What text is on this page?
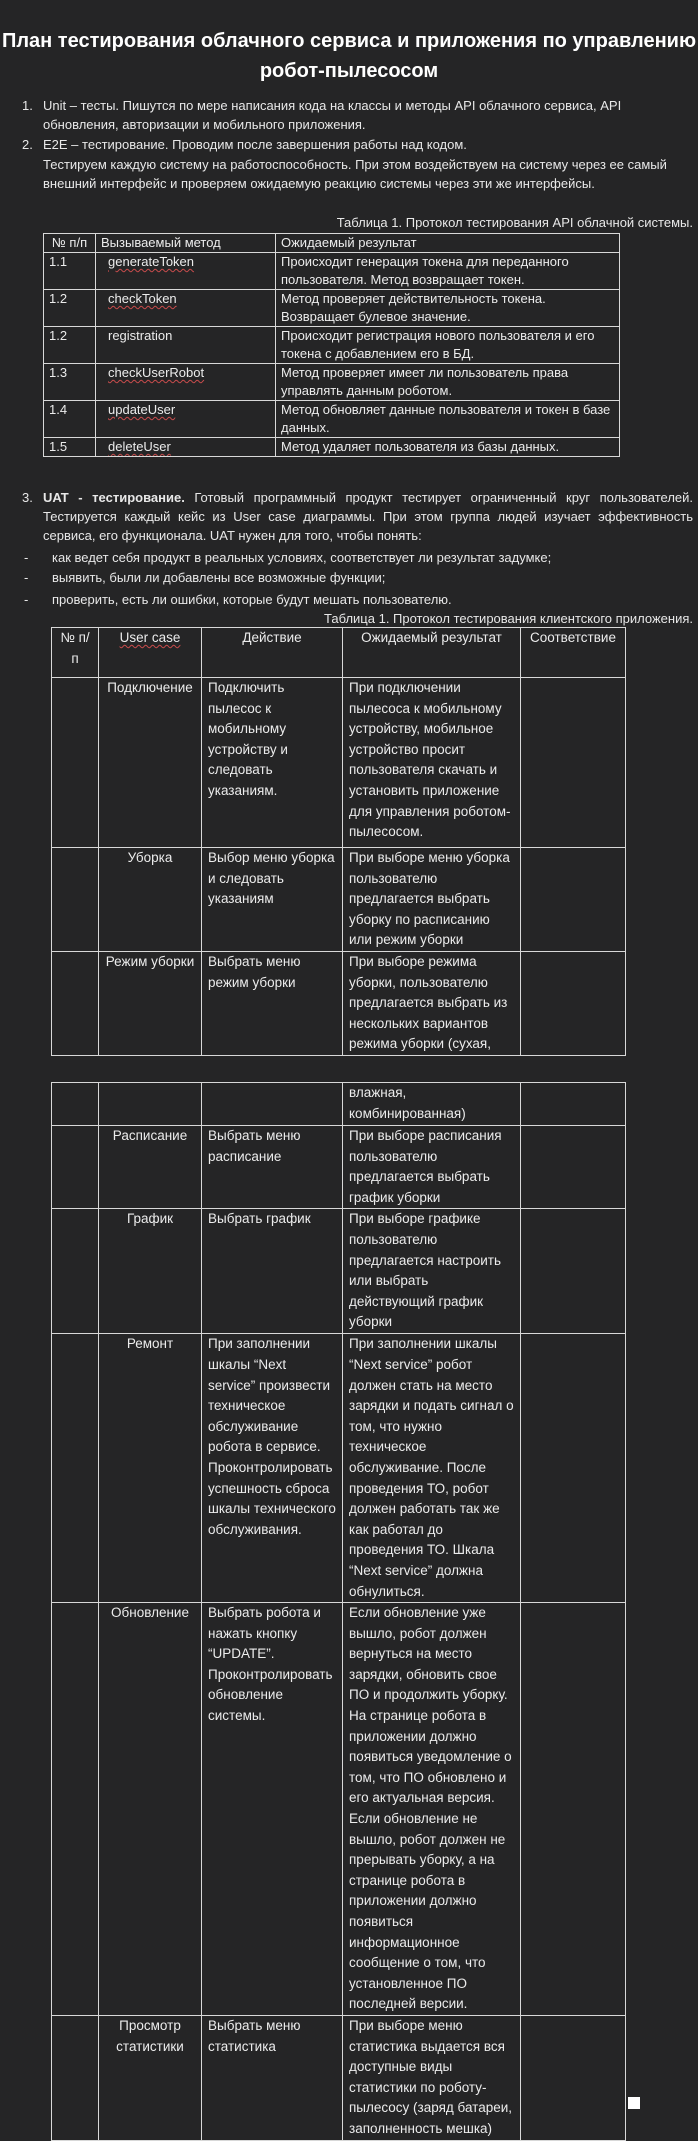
План тестирования облачного сервиса и приложения по управлению робот-пылесосом
1. Unit – тесты. Пишутся по мере написания кода на классы и методы API облачного сервиса, API обновления, авторизации и мобильного приложения.
2. E2E – тестирование. Проводим после завершения работы над кодом.
Тестируем каждую систему на работоспособность. При этом воздействуем на систему через ее самый внешний интерфейс и проверяем ожидаемую реакцию системы через эти же интерфейсы.
Таблица 1. Протокол тестирования API облачной системы.
№ п/п	Вызываемый метод	Ожидаемый результат
1.1	generateToken	Происходит генерация токена для переданного пользователя. Метод возвращает токен.
1.2	checkToken	Метод проверяет действительность токена. Возвращает булевое значение.
1.2	registration	Происходит регистрация нового пользователя и его токена с добавлением его в БД.
1.3	checkUserRobot	Метод проверяет имеет ли пользователь права управлять данным роботом.
1.4	updateUser	Метод обновляет данные пользователя и токен в базе данных.
1.5	deleteUser	Метод удаляет пользователя из базы данных.
3. UAT - тестирование. Готовый программный продукт тестирует ограниченный круг пользователей. Тестируется каждый кейс из User case диаграммы. При этом группа людей изучает эффективность сервиса, его функционала. UAT нужен для того, чтобы понять:
- как ведет себя продукт в реальных условиях, соответствует ли результат задумке;
- выявить, были ли добавлены все возможные функции;
- проверить, есть ли ошибки, которые будут мешать пользователю.
Таблица 1. Протокол тестирования клиентского приложения.
№ п/п	User case	Действие	Ожидаемый результат	Соответствие
	Подключение	Подключить пылесос к мобильному устройству и следовать указаниям.	При подключении пылесоса к мобильному устройству, мобильное устройство просит пользователя скачать и установить приложение для управления роботом-пылесосом.	
	Уборка	Выбор меню уборка и следовать указаниям	При выборе меню уборка пользователю предлагается выбрать уборку по расписанию или режим уборки	
	Режим уборки	Выбрать меню режим уборки	При выборе режима уборки, пользователю предлагается выбрать из нескольких вариантов режима уборки (сухая,	
			влажная, комбинированная)	
	Расписание	Выбрать меню расписание	При выборе расписания пользователю предлагается выбрать график уборки	
	График	Выбрать график	При выборе графике пользователю предлагается настроить или выбрать действующий график уборки	
	Ремонт	При заполнении шкалы “Next service” произвести техническое обслуживание робота в сервисе. Проконтролировать успешность сброса шкалы технического обслуживания.	При заполнении шкалы “Next service” робот должен стать на место зарядки и подать сигнал о том, что нужно техническое обслуживание. После проведения ТО, робот должен работать так же как работал до проведения ТО. Шкала “Next service” должна обнулиться.	
	Обновление	Выбрать робота и нажать кнопку “UPDATE”. Проконтролировать обновление системы.	Если обновление уже вышло, робот должен вернуться на место зарядки, обновить свое ПО и продолжить уборку. На странице робота в приложении должно появиться уведомление о том, что ПО обновлено и его актуальная версия. Если обновление не вышло, робот должен не прерывать уборку, а на странице робота в приложении должно появиться информационное сообщение о том, что установленное ПО последней версии.	
	Просмотр статистики	Выбрать меню статистика	При выборе меню статистика выдается вся доступные виды статистики по роботу-пылесосу (заряд батареи, заполненность мешка)	
